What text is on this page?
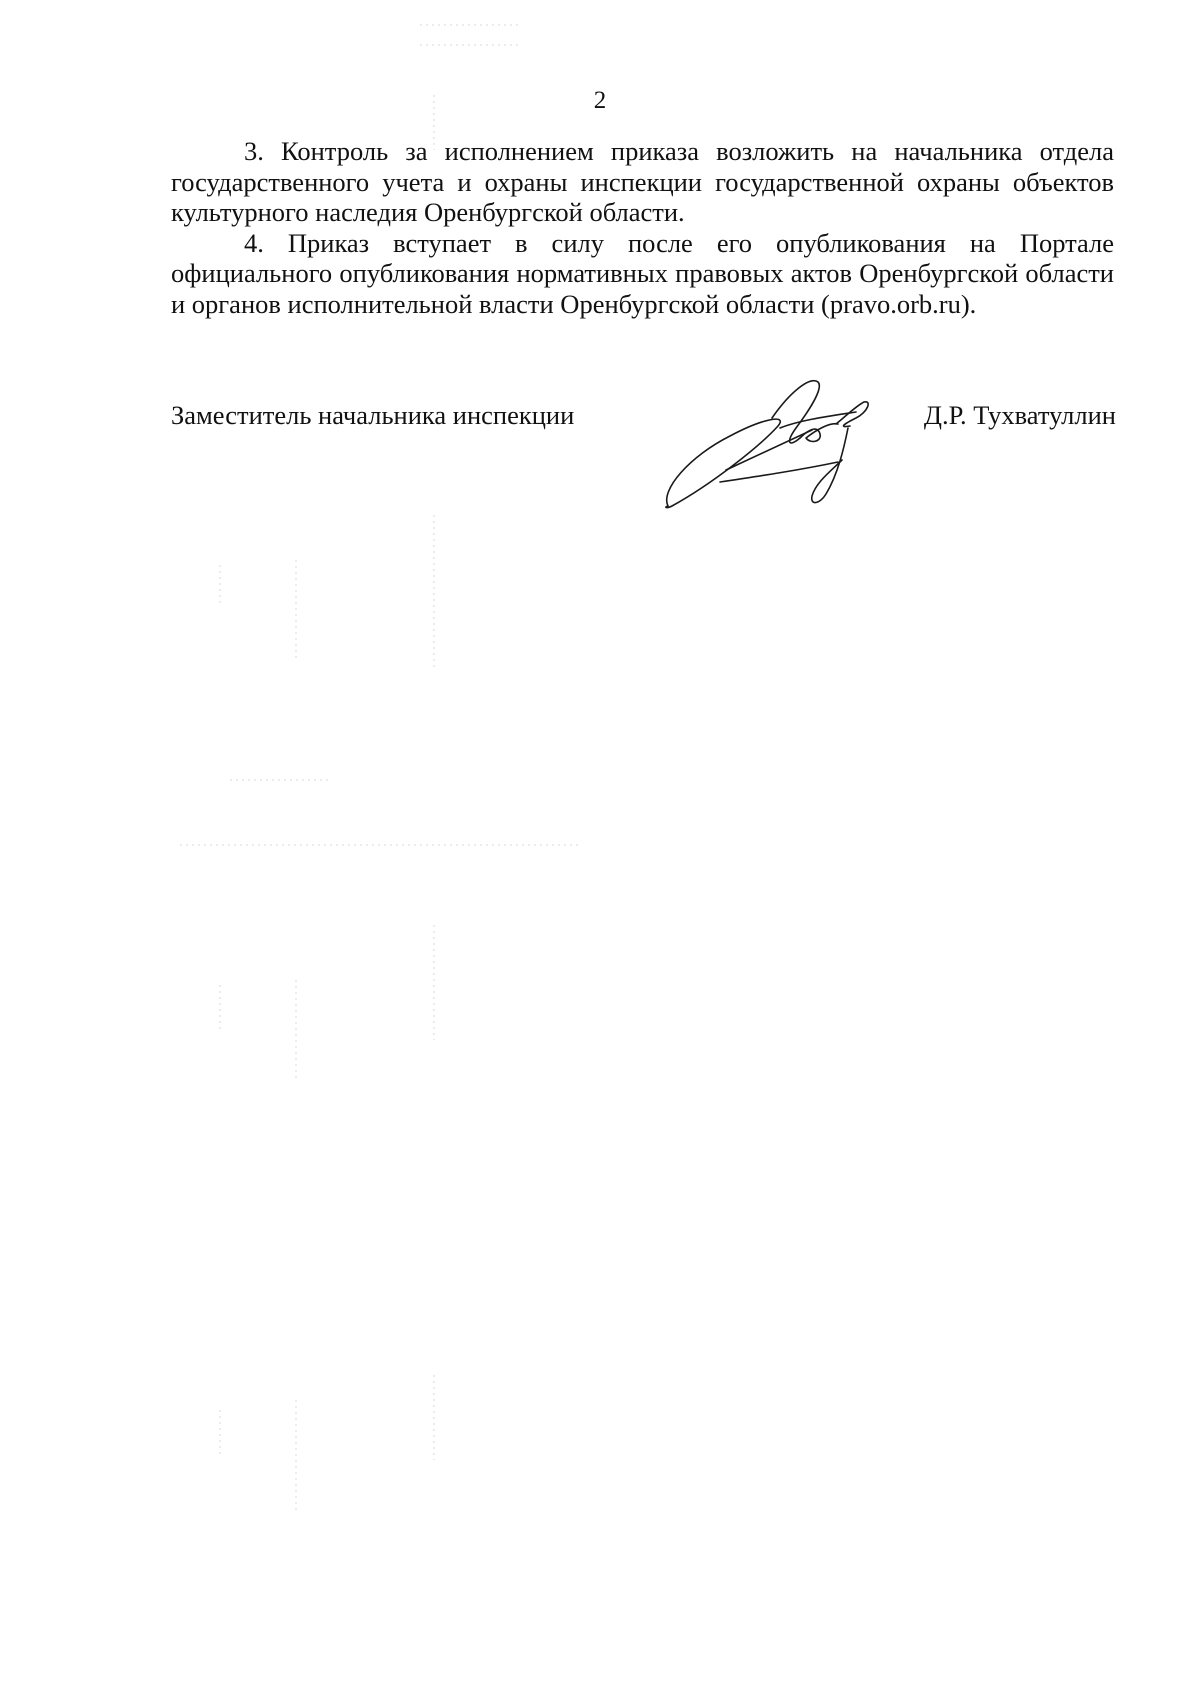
2

3. Контроль за исполнением приказа возложить на начальника отдела государственного учета и охраны инспекции государственной охраны объектов культурного наследия Оренбургской области.

4. Приказ вступает в силу после его опубликования на Портале официального опубликования нормативных правовых актов Оренбургской области и органов исполнительной власти Оренбургской области (pravo.orb.ru).

Заместитель начальника инспекции	Д.Р. Тухватуллин
